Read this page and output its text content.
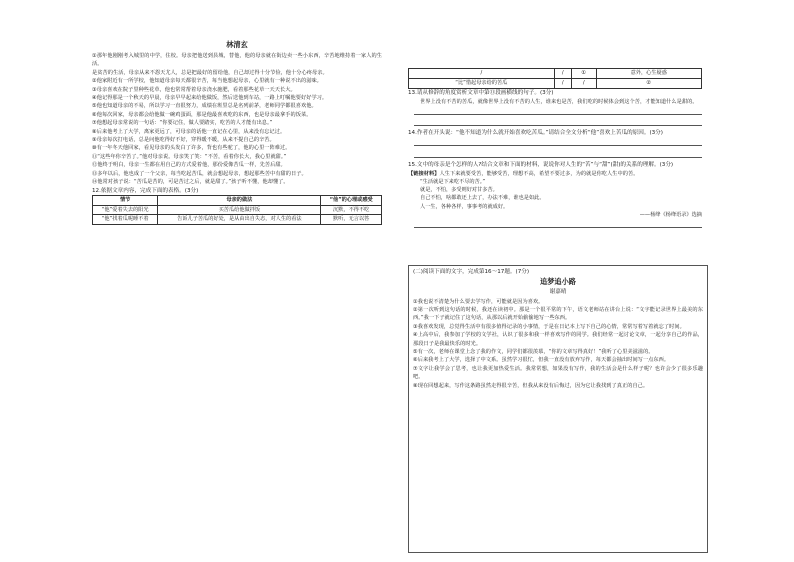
林清玄
①那年他刚刚考入城里的中学，住校。母亲把他送到县城，替他，他的母亲就在街边卖一些小东西，辛苦地维持着一家人的生活。
是贫苦的生活，母亲从来不怨天尤人，总是把最好的留给他，自己却过得十分节俭，他十分心疼母亲。
②他家附近有一所学校，他知道母亲每天都很辛苦，每当他想起母亲，心里就有一种说不出的滋味。
③母亲喜欢在院子里种些花草，他也常常帮着母亲浇水施肥，看着那些花草一天天长大。
④他记得那是一个秋天的早晨，母亲早早起来给他做饭，然后送他到车站，一路上叮嘱他要好好学习。
⑤他也知道母亲的不易，所以学习一直很努力，成绩在班里总是名列前茅，老师同学都很喜欢他。
⑥他每次回家，母亲都会给他做一碗鸡蛋面，那是他最喜欢吃的东西，也是母亲最拿手的饭菜。
⑦他想起母亲常说的一句话：“你要记住，做人要踏实，吃苦的人才能有出息。”
⑧后来他考上了大学，离家更远了，可母亲的话他一直记在心里，从来没有忘记过。
⑨母亲每次打电话，总是问他吃得好不好，穿得暖不暖，从来不提自己的辛苦。
⑩有一年冬天他回家，看见母亲的头发白了许多，背也有些驼了，他的心里一阵难过。
⑪“这些年你辛苦了。”他对母亲说。母亲笑了笑：“不苦，看着你长大，我心里就甜。”
⑫他终于明白，母亲一生都在用自己的方式爱着他，那份爱像苦瓜一样，先苦后甜。
⑬多年以后，他也成了一个父亲，每当吃起苦瓜，就会想起母亲，想起那些苦中有甜的日子。
⑭他常对孩子说：“苦瓜是苦的，可是苦过之后，就是甜了。”孩子听不懂，他却懂了。
12.依据文章内容，完成下面的表格。(3分)
情节	母亲的做法	“他”的心理或感受
“他”爱着失去的阳光	买苦瓜给他做拌饭	沉默，不得不吃
“他”找着瓜呢睡不着	告诉儿子苦瓜的好处，是从由出自失态，对人生的看法	默听，无言以答
/	/	①	意外，心生疑惑
“比”惜起母亲给的苦瓜	/	/	②
13.请从修辞的角度赏析文章中第⑪段画横线的句子。(3分)
世界上没有不苦的苦瓜，就像世界上没有不苦的人生，谁来也是苦，我们吃的时候体会到这个苦，才能知道什么是甜的。
14.作者在开头说：“他不知道为什么就开始喜欢吃苦瓜。”请结合全文分析“他”喜欢上苦瓜的原因。(3分)
15.文中的母亲是个怎样的人?结合文章和下面的材料，说说你对人生的“苦”与“甜”(甜)的关系的理解。(3分)
【链接材料】人生下来就要受苦，能够受苦，理想不高，希望不要过多，为的就是你吃人生中的苦。
“生活就是下来吃不尽的苦。”
就是，不怕，多受则好对甘多苦。
自己不怕，啥都敢还上去了，办法不难，谁也是如此。
人一生，各种各样，事事考的就成好。
——杨绛《杨绛语录》选摘
(二)阅读下面的文字，完成第16～17题。(7分)
追梦追小路
谢嘉晴
①我也说不清楚为什么要去学写作，可能就是因为喜欢。
②第一次听到这句话的时候，我还在读初中。那是一个很平常的下午，语文老师站在讲台上说：“文字能记录世界上最美的东西。”我一下子就记住了这句话，从那以后就开始偷偷地写一些东西。
③我喜欢发现，总觉得生活中有很多值得记录的小事情，于是在日记本上写下自己的心情，常常写着写着就忘了时间。
④上高中后，我参加了学校的文学社，认识了很多和我一样喜欢写作的同学。我们经常一起讨论文章，一起分享自己的作品，那段日子是我最快乐的时光。
⑤有一次，老师在课堂上念了我的作文，同学们都很羡慕，“你的文章写得真好！”我听了心里美滋滋的。
⑥后来我考上了大学，选择了中文系。虽然学习很忙，但我一直没有放弃写作，每天都会抽出时间写一点东西。
⑦文字让我学会了思考，也让我更加热爱生活。我常常想，如果没有写作，我的生活会是什么样子呢？也许会少了很多乐趣吧。
⑧现在回想起来，写作这条路虽然走得很辛苦，但我从来没有后悔过，因为它让我找到了真正的自己。
